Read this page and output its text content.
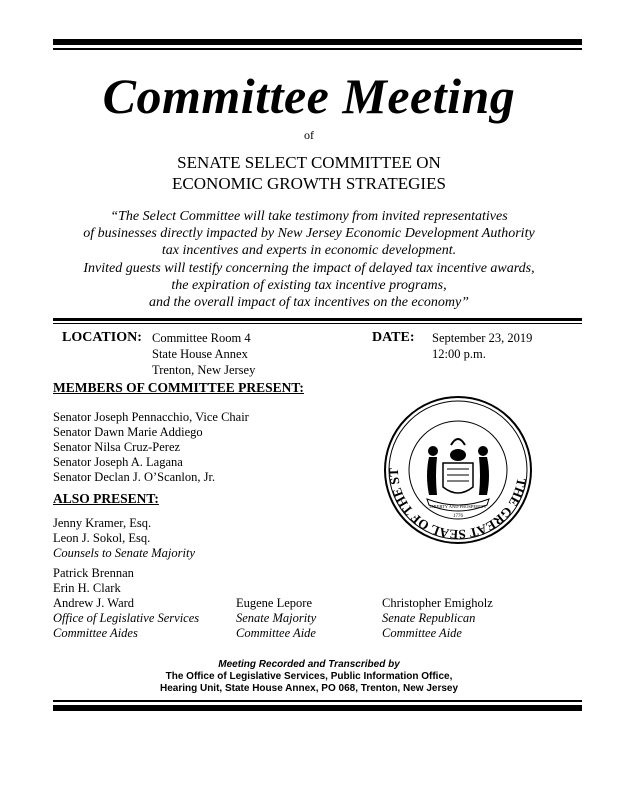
Committee Meeting
of
SENATE SELECT COMMITTEE ON
ECONOMIC GROWTH STRATEGIES
“The Select Committee will take testimony from invited representatives
of businesses directly impacted by New Jersey Economic Development Authority
tax incentives and experts in economic development.
Invited guests will testify concerning the impact of delayed tax incentive awards,
the expiration of existing tax incentive programs,
and the overall impact of tax incentives on the economy”
LOCATION: Committee Room 4
State House Annex
Trenton, New Jersey
DATE: September 23, 2019
12:00 p.m.
MEMBERS OF COMMITTEE PRESENT:
Senator Joseph Pennacchio, Vice Chair
Senator Dawn Marie Addiego
Senator Nilsa Cruz-Perez
Senator Joseph A. Lagana
Senator Declan J. O’Scanlon, Jr.
ALSO PRESENT:
Jenny Kramer, Esq.
Leon J. Sokol, Esq.
Counsels to Senate Majority
Patrick Brennan
Erin H. Clark
Andrew J. Ward
Office of Legislative Services
Committee Aides
Eugene Lepore
Senate Majority
Committee Aide
Christopher Emigholz
Senate Republican
Committee Aide
THE GREAT SEAL OF THE ST
LIBERTY AND PROSPERITY
1776
Meeting Recorded and Transcribed by
The Office of Legislative Services, Public Information Office,
Hearing Unit, State House Annex, PO 068, Trenton, New Jersey
